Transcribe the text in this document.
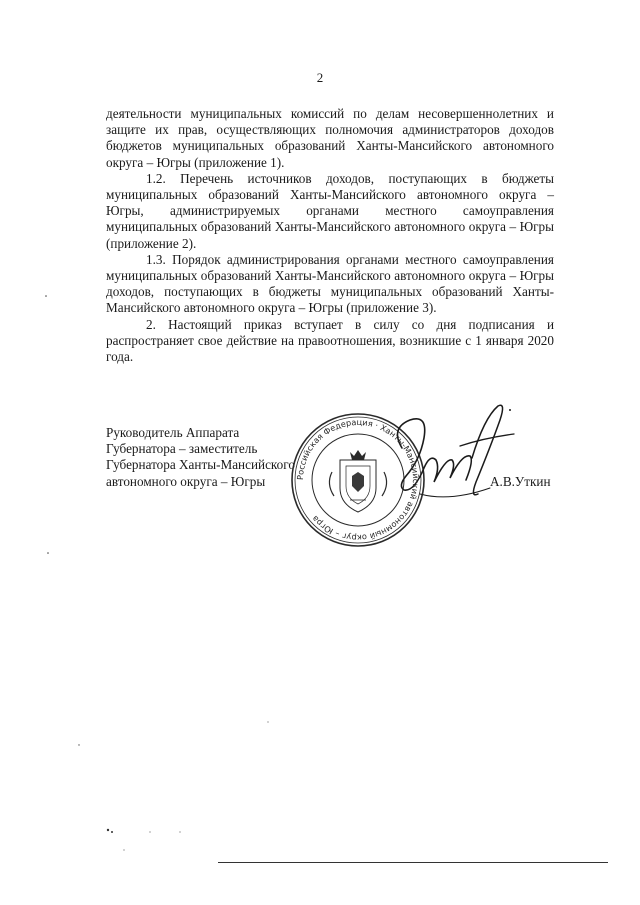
2

деятельности муниципальных комиссий по делам несовершеннолетних и защите их прав, осуществляющих полномочия администраторов доходов бюджетов муниципальных образований Ханты-Мансийского автономного округа – Югры (приложение 1).

1.2. Перечень источников доходов, поступающих в бюджеты муниципальных образований Ханты-Мансийского автономного округа – Югры, администрируемых органами местного самоуправления муниципальных образований Ханты-Мансийского автономного округа – Югры (приложение 2).

1.3. Порядок администрирования органами местного самоуправления муниципальных образований Ханты-Мансийского автономного округа – Югры доходов, поступающих в бюджеты муниципальных образований Ханты-Мансийского автономного округа – Югры (приложение 3).

2. Настоящий приказ вступает в силу со дня подписания и распространяет свое действие на правоотношения, возникшие с 1 января 2020 года.

Руководитель Аппарата
Губернатора – заместитель
Губернатора Ханты-Мансийского
автономного округа – Югры	Российская Федерация · Ханты-Мансийский автономный округ – Югра
А.В.Уткин
